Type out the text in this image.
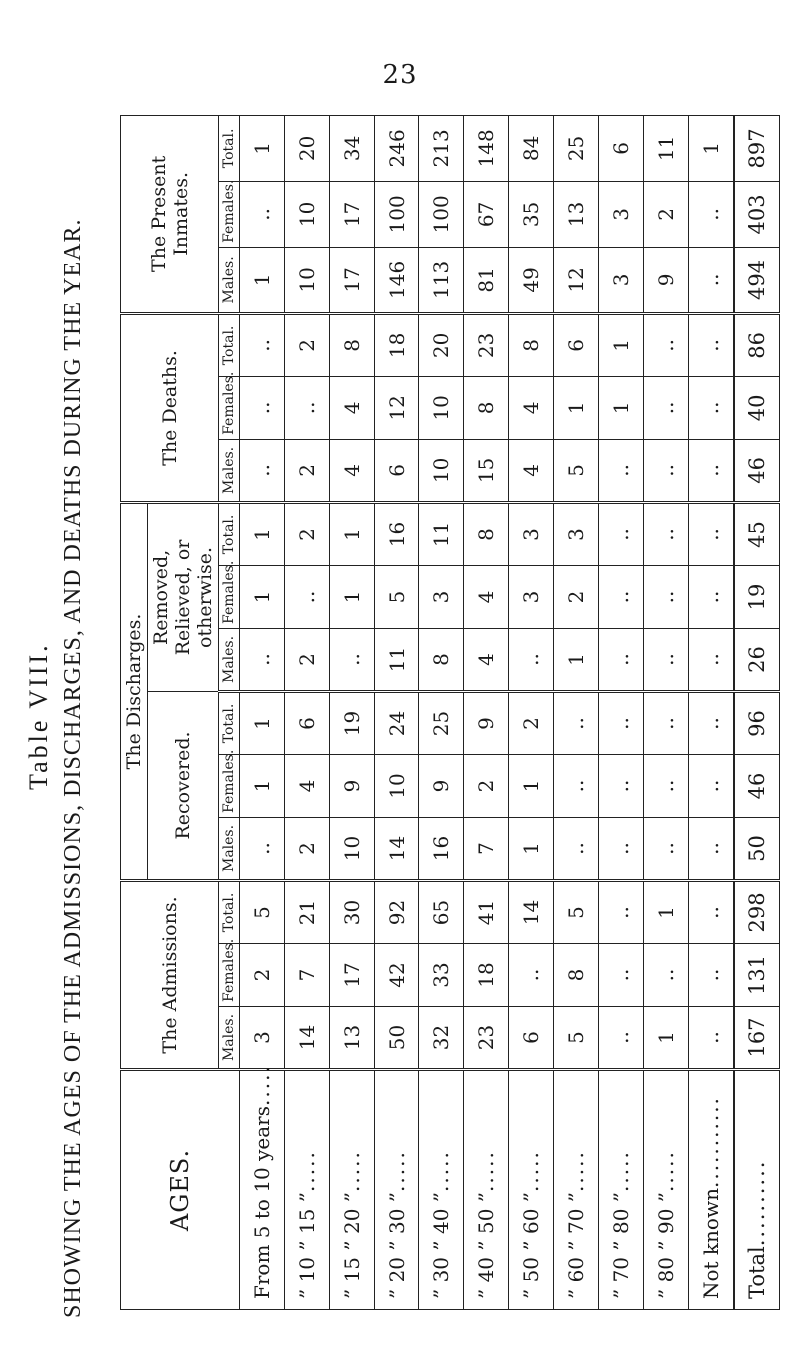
23
Table VIII. SHOWING THE AGES OF THE ADMISSIONS, DISCHARGES, AND DEATHS DURING THE YEAR.	AGES.	The Admissions.			The Discharges.						The Deaths.			The Present Inmates.		
				Recovered.			Removed, Relieved, or otherwise.								
	Males.	Females.	Total.	Males.	Females.	Total.	Males.	Females.	Total.	Males.	Females.	Total.	Males.	Females.	Total.
From 5 to 10 years.....	3	2	5	..	1	1	..	1	1	..	..	..	1	..	1
” 10 ” 15 ”.....	14	7	21	2	4	6	2	..	2	2	..	2	10	10	20
” 15 ” 20 ”.....	13	17	30	10	9	19	..	1	1	4	4	8	17	17	34
” 20 ” 30 ”.....	50	42	92	14	10	24	11	5	16	6	12	18	146	100	246
” 30 ” 40 ”.....	32	33	65	16	9	25	8	3	11	10	10	20	113	100	213
” 40 ” 50 ”.....	23	18	41	7	2	9	4	4	8	15	8	23	81	67	148
” 50 ” 60 ”.....	6	..	14	1	1	2	..	3	3	4	4	8	49	35	84
” 60 ” 70 ”.....	5	8	5	..	..	..	1	2	3	5	1	6	12	13	25
” 70 ” 80 ”.....	..	..	..	..	..	..	..	..	..	..	1	1	3	3	6
” 80 ” 90 ”.....	1	..	1	..	..	..	..	..	..	..	..	..	9	2	11
Not known...........	..	..	..	..	..	..	..	..	..	..	..	..	..	..	1
Total..........	167	131	298	50	46	96	26	19	45	46	40	86	494	403	897
